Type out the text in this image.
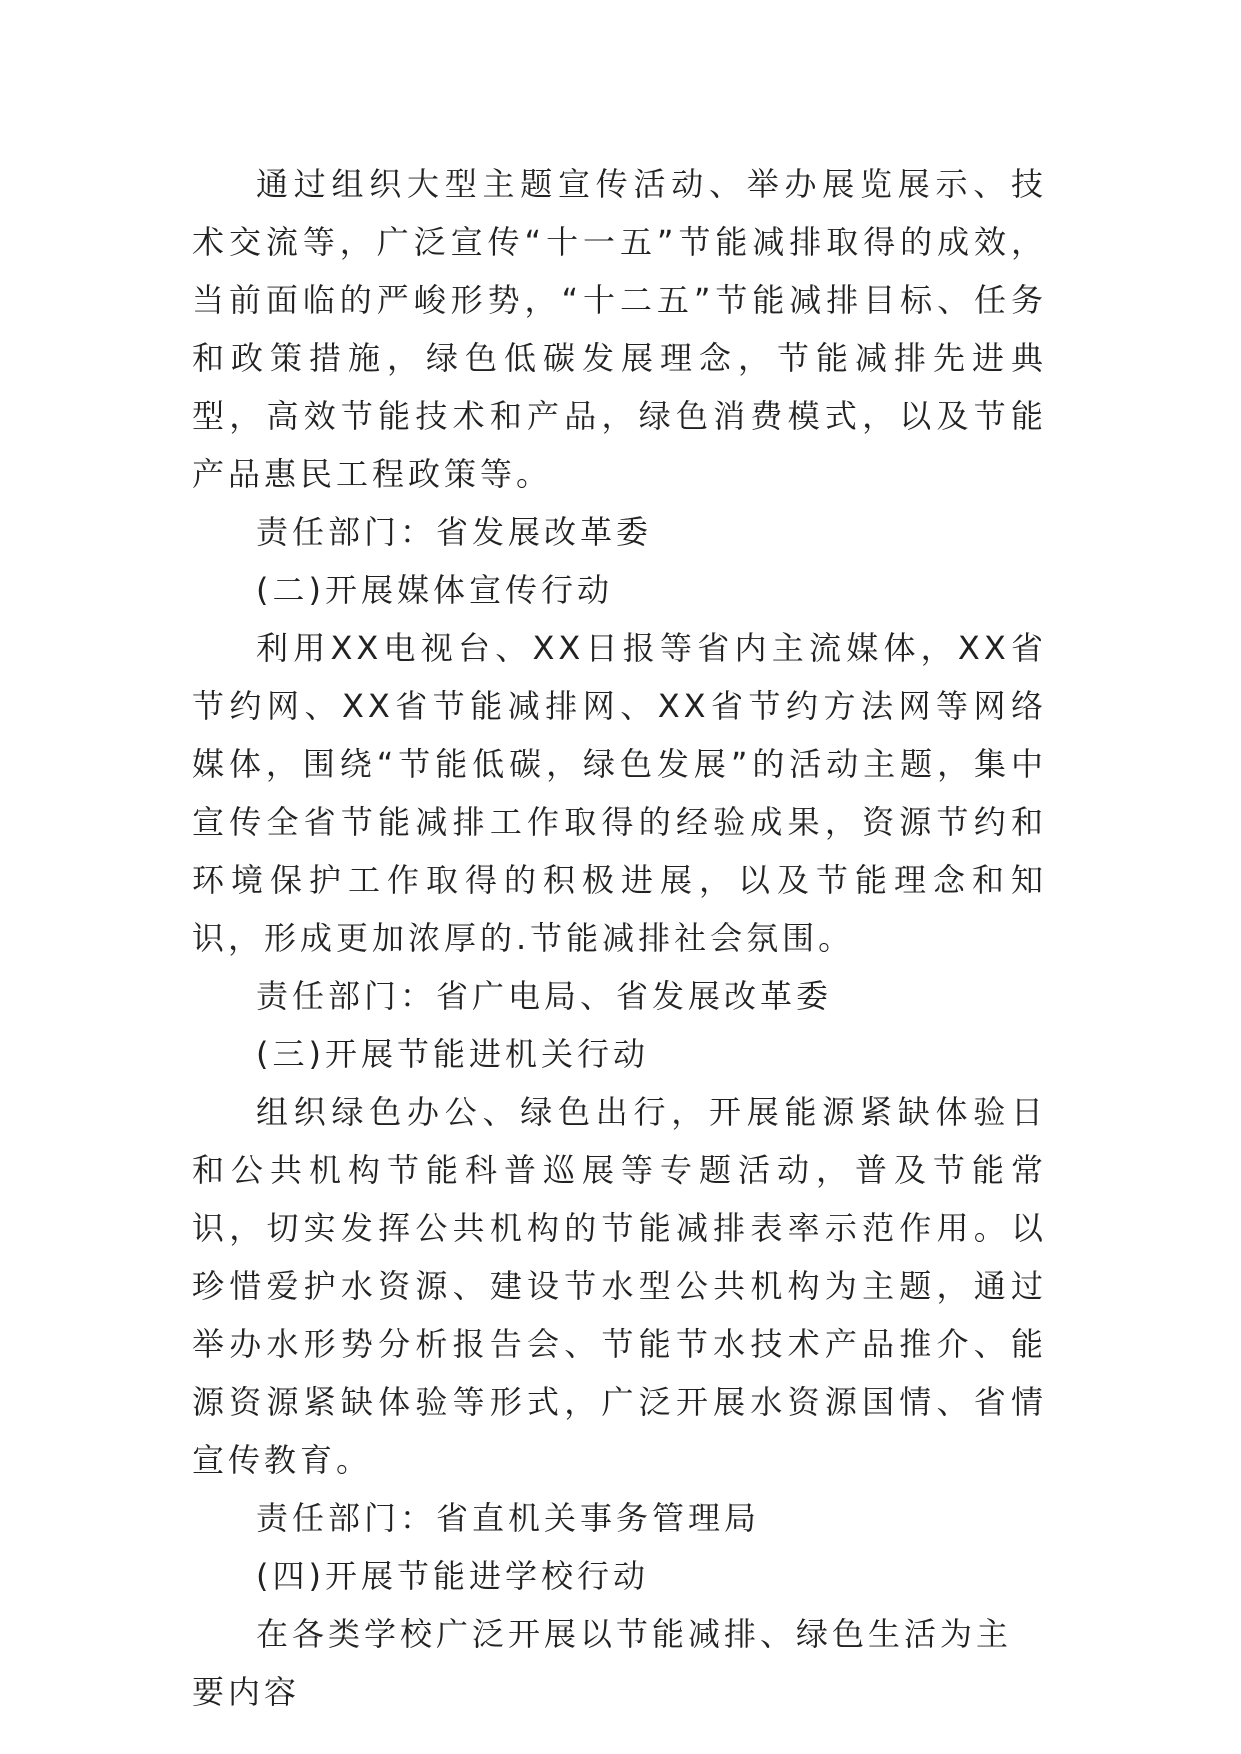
通过组织大型主题宣传活动、举办展览展示、技术交流等，广泛宣传“十一五”节能减排取得的成效，当前面临的严峻形势，“十二五”节能减排目标、任务和政策措施，绿色低碳发展理念，节能减排先进典型，高效节能技术和产品，绿色消费模式，以及节能产品惠民工程政策等。

责任部门：省发展改革委

(二)开展媒体宣传行动

利用XX电视台、XX日报等省内主流媒体，XX省节约网、XX省节能减排网、XX省节约方法网等网络媒体，围绕“节能低碳，绿色发展”的活动主题，集中宣传全省节能减排工作取得的经验成果，资源节约和环境保护工作取得的积极进展，以及节能理念和知识，形成更加浓厚的.节能减排社会氛围。

责任部门：省广电局、省发展改革委

(三)开展节能进机关行动

组织绿色办公、绿色出行，开展能源紧缺体验日和公共机构节能科普巡展等专题活动，普及节能常识，切实发挥公共机构的节能减排表率示范作用。以珍惜爱护水资源、建设节水型公共机构为主题，通过举办水形势分析报告会、节能节水技术产品推介、能源资源紧缺体验等形式，广泛开展水资源国情、省情宣传教育。

责任部门：省直机关事务管理局

(四)开展节能进学校行动

在各类学校广泛开展以节能减排、绿色生活为主要内容
